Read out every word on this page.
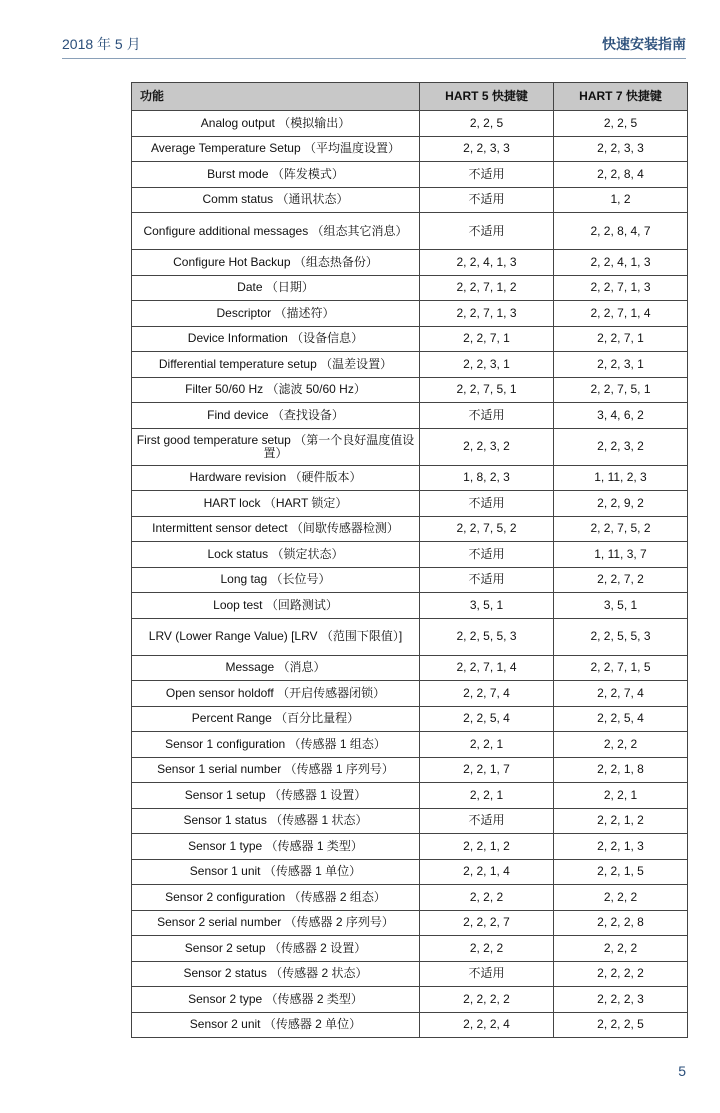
2018 年 5 月	快速安装指南
功能	HART 5 快捷键	HART 7 快捷键
Analog output （模拟输出）	2, 2, 5	2, 2, 5
Average Temperature Setup （平均温度设置）	2, 2, 3, 3	2, 2, 3, 3
Burst mode （阵发模式）	不适用	2, 2, 8, 4
Comm status （通讯状态）	不适用	1, 2
Configure additional messages （组态其它消息）	不适用	2, 2, 8, 4, 7
Configure Hot Backup （组态热备份）	2, 2, 4, 1, 3	2, 2, 4, 1, 3
Date （日期）	2, 2, 7, 1, 2	2, 2, 7, 1, 3
Descriptor （描述符）	2, 2, 7, 1, 3	2, 2, 7, 1, 4
Device Information （设备信息）	2, 2, 7, 1	2, 2, 7, 1
Differential temperature setup （温差设置）	2, 2, 3, 1	2, 2, 3, 1
Filter 50/60 Hz （滤波 50/60 Hz）	2, 2, 7, 5, 1	2, 2, 7, 5, 1
Find device （查找设备）	不适用	3, 4, 6, 2
First good temperature setup （第一个良好温度值设置）	2, 2, 3, 2	2, 2, 3, 2
Hardware revision （硬件版本）	1, 8, 2, 3	1, 11, 2, 3
HART lock （HART 锁定）	不适用	2, 2, 9, 2
Intermittent sensor detect （间歇传感器检测）	2, 2, 7, 5, 2	2, 2, 7, 5, 2
Lock status （锁定状态）	不适用	1, 11, 3, 7
Long tag （长位号）	不适用	2, 2, 7, 2
Loop test （回路测试）	3, 5, 1	3, 5, 1
LRV (Lower Range Value) [LRV （范围下限值）]	2, 2, 5, 5, 3	2, 2, 5, 5, 3
Message （消息）	2, 2, 7, 1, 4	2, 2, 7, 1, 5
Open sensor holdoff （开启传感器闭锁）	2, 2, 7, 4	2, 2, 7, 4
Percent Range （百分比量程）	2, 2, 5, 4	2, 2, 5, 4
Sensor 1 configuration （传感器 1 组态）	2, 2, 1	2, 2, 2
Sensor 1 serial number （传感器 1 序列号）	2, 2, 1, 7	2, 2, 1, 8
Sensor 1 setup （传感器 1 设置）	2, 2, 1	2, 2, 1
Sensor 1 status （传感器 1 状态）	不适用	2, 2, 1, 2
Sensor 1 type （传感器 1 类型）	2, 2, 1, 2	2, 2, 1, 3
Sensor 1 unit （传感器 1 单位）	2, 2, 1, 4	2, 2, 1, 5
Sensor 2 configuration （传感器 2 组态）	2, 2, 2	2, 2, 2
Sensor 2 serial number （传感器 2 序列号）	2, 2, 2, 7	2, 2, 2, 8
Sensor 2 setup （传感器 2 设置）	2, 2, 2	2, 2, 2
Sensor 2 status （传感器 2 状态）	不适用	2, 2, 2, 2
Sensor 2 type （传感器 2 类型）	2, 2, 2, 2	2, 2, 2, 3
Sensor 2 unit （传感器 2 单位）	2, 2, 2, 4	2, 2, 2, 5
5
